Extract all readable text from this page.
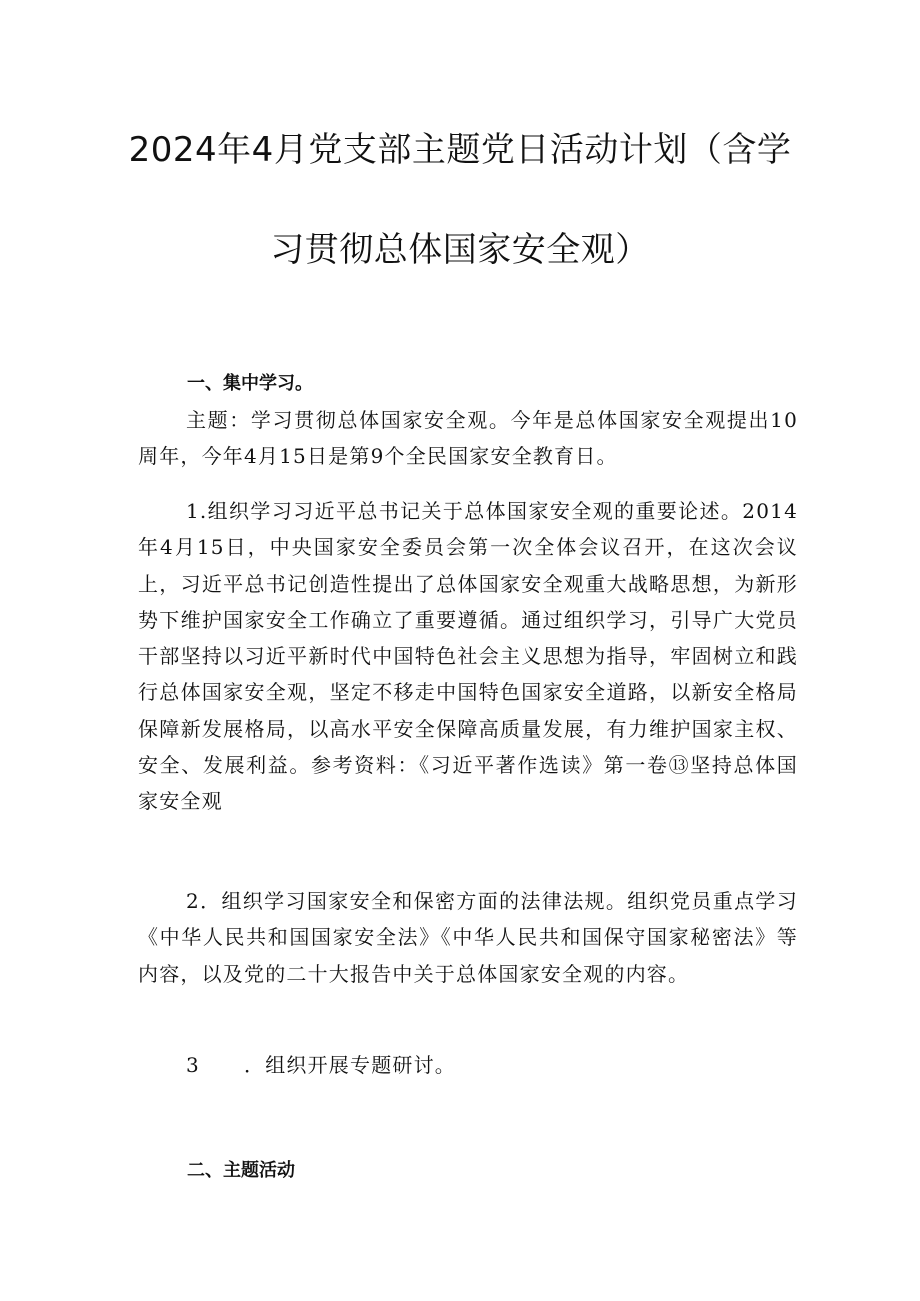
2024年4月党支部主题党日活动计划（含学
习贯彻总体国家安全观）
一、集中学习。

主题：学习贯彻总体国家安全观。今年是总体国家安全观提出10周年，今年4月15日是第9个全民国家安全教育日。

1.组织学习习近平总书记关于总体国家安全观的重要论述。2014年4月15日，中央国家安全委员会第一次全体会议召开，在这次会议上，习近平总书记创造性提出了总体国家安全观重大战略思想，为新形势下维护国家安全工作确立了重要遵循。通过组织学习，引导广大党员干部坚持以习近平新时代中国特色社会主义思想为指导，牢固树立和践行总体国家安全观，坚定不移走中国特色国家安全道路，以新安全格局保障新发展格局，以高水平安全保障高质量发展，有力维护国家主权、安全、发展利益。参考资料：《习近平著作选读》第一卷⑬坚持总体国家安全观

2．组织学习国家安全和保密方面的法律法规。组织党员重点学习《中华人民共和国国家安全法》《中华人民共和国保守国家秘密法》等内容，以及党的二十大报告中关于总体国家安全观的内容。

3 ．组织开展专题研讨。

二、主题活动
